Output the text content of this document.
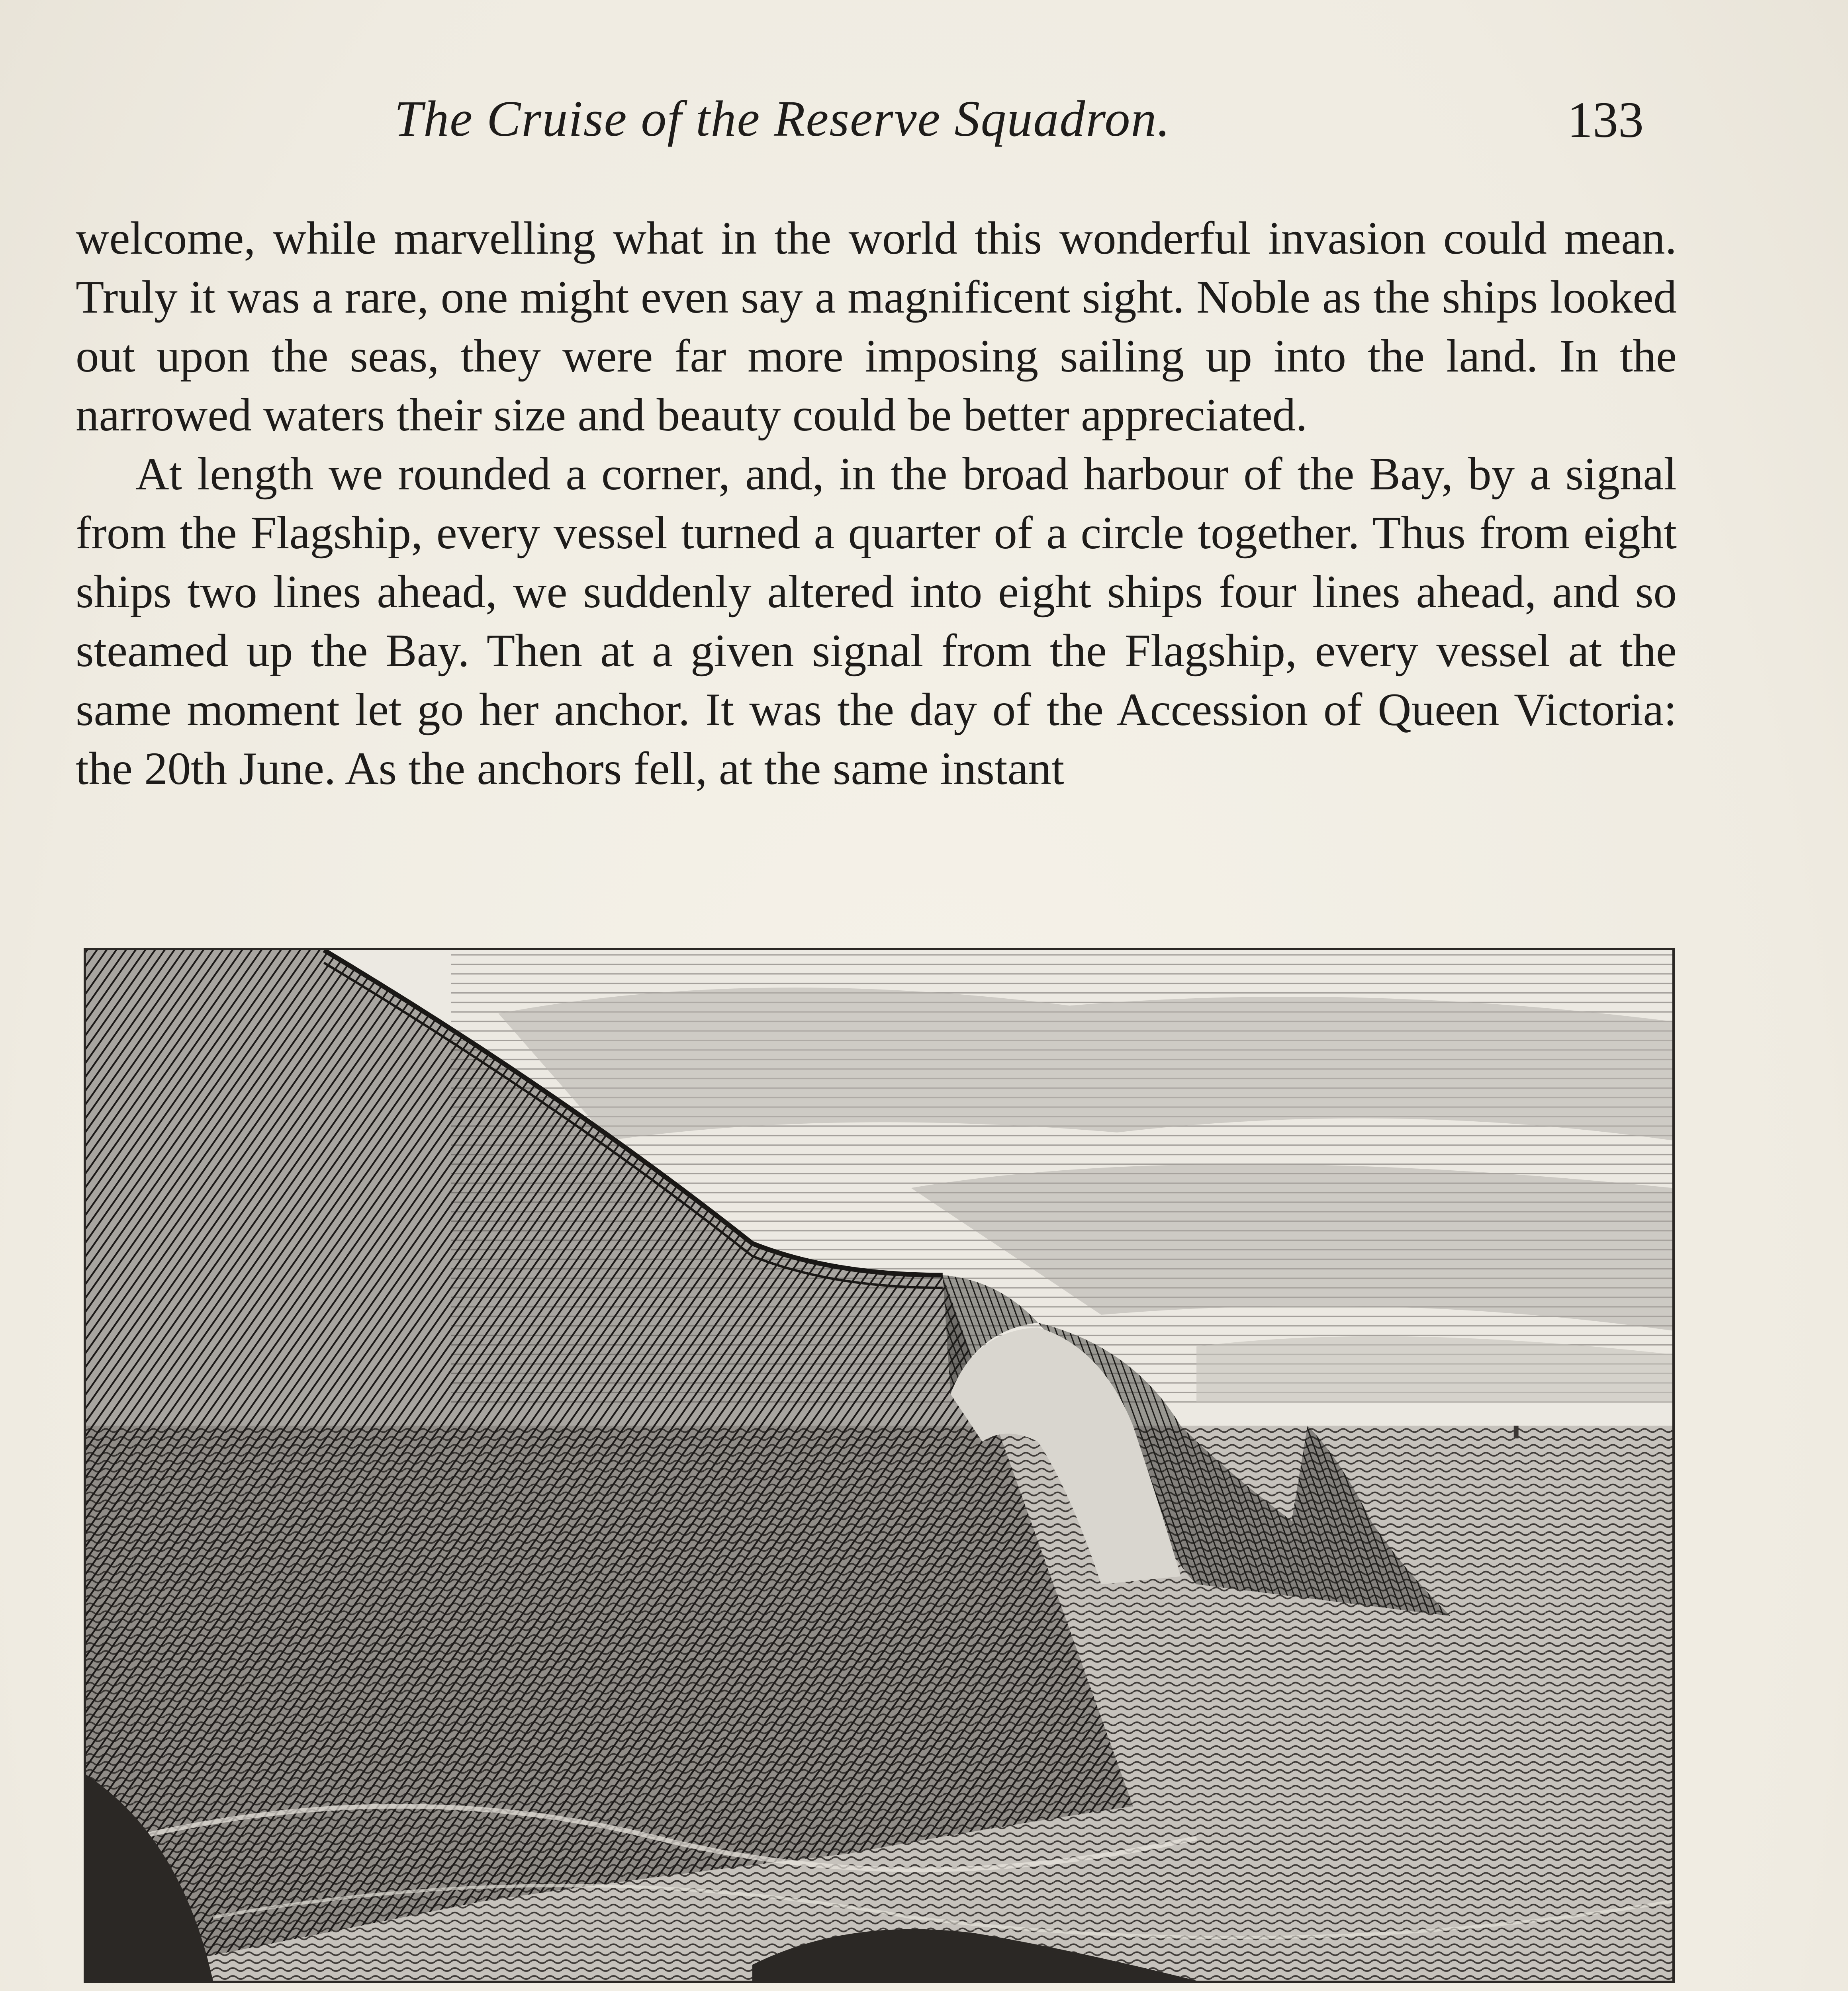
The Cruise of the Reserve Squadron.	133

welcome, while marvelling what in the world this wonderful invasion could mean. Truly it was a rare, one might even say a magnificent sight. Noble as the ships looked out upon the seas, they were far more imposing sailing up into the land. In the narrowed waters their size and beauty could be better appreciated.

At length we rounded a corner, and, in the broad harbour of the Bay, by a signal from the Flagship, every vessel turned a quarter of a circle together. Thus from eight ships two lines ahead, we suddenly altered into eight ships four lines ahead, and so steamed up the Bay. Then at a given signal from the Flagship, every vessel at the same moment let go her anchor. It was the day of the Accession of Queen Victoria: the 20th June. As the anchors fell, at the same instant
